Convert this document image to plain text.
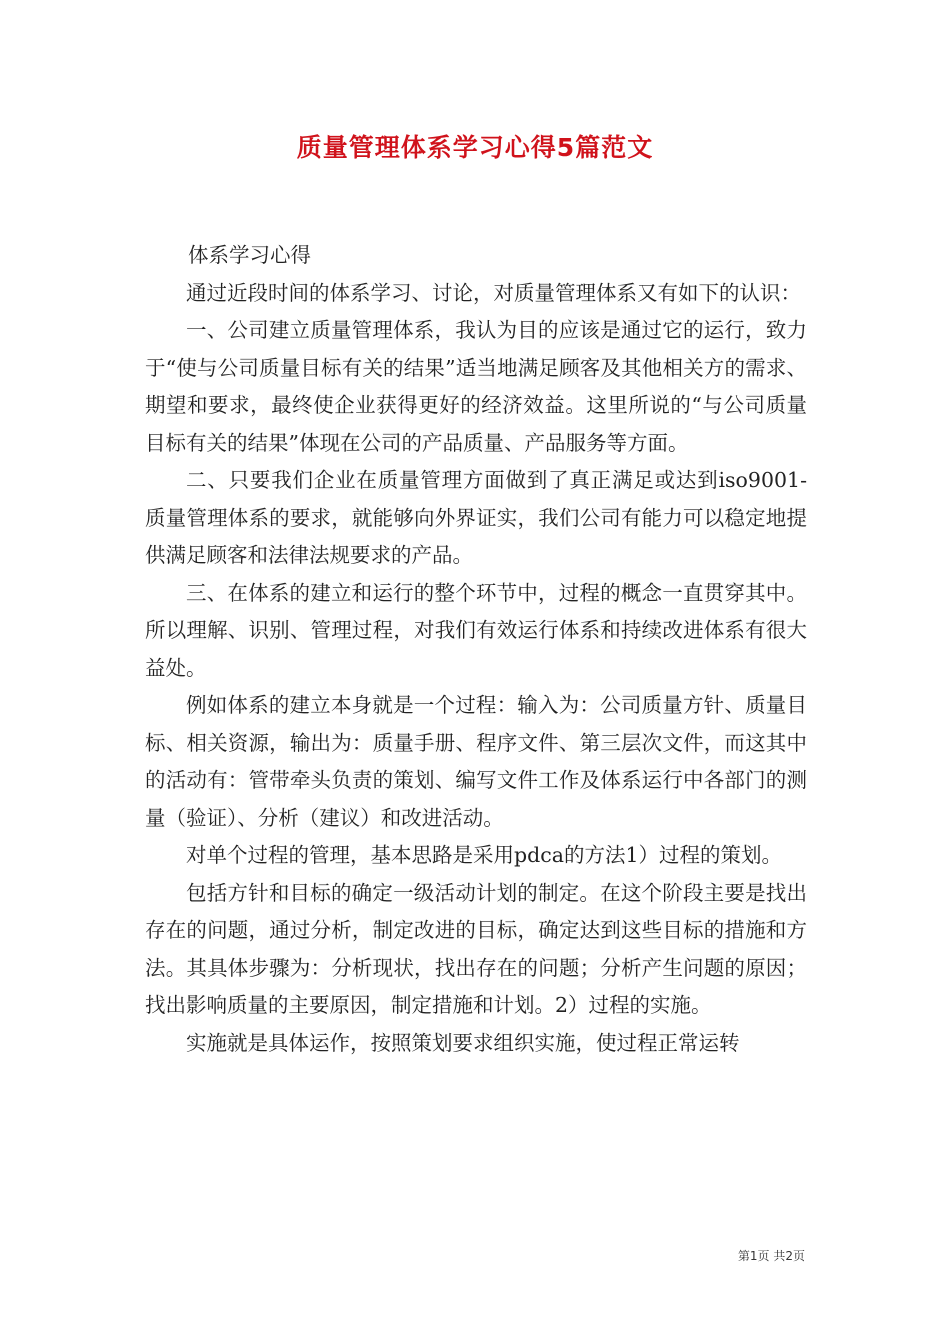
质量管理体系学习心得5篇范文

体系学习心得

通过近段时间的体系学习、讨论，对质量管理体系又有如下的认识：

一、公司建立质量管理体系，我认为目的应该是通过它的运行，致力于“使与公司质量目标有关的结果”适当地满足顾客及其他相关方的需求、期望和要求，最终使企业获得更好的经济效益。这里所说的“与公司质量目标有关的结果”体现在公司的产品质量、产品服务等方面。

二、只要我们企业在质量管理方面做到了真正满足或达到iso9001-质量管理体系的要求，就能够向外界证实，我们公司有能力可以稳定地提供满足顾客和法律法规要求的产品。

三、在体系的建立和运行的整个环节中，过程的概念一直贯穿其中。所以理解、识别、管理过程，对我们有效运行体系和持续改进体系有很大益处。

例如体系的建立本身就是一个过程：输入为：公司质量方针、质量目标、相关资源，输出为：质量手册、程序文件、第三层次文件，而这其中的活动有：管带牵头负责的策划、编写文件工作及体系运行中各部门的测量（验证）、分析（建议）和改进活动。

对单个过程的管理，基本思路是采用pdca的方法1）过程的策划。

包括方针和目标的确定一级活动计划的制定。在这个阶段主要是找出存在的问题，通过分析，制定改进的目标，确定达到这些目标的措施和方法。其具体步骤为：分析现状，找出存在的问题；分析产生问题的原因；找出影响质量的主要原因，制定措施和计划。2）过程的实施。

实施就是具体运作，按照策划要求组织实施，使过程正常运转

第1页 共2页
